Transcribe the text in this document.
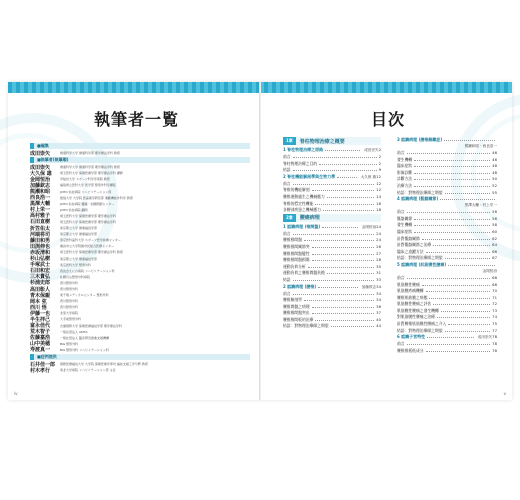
執筆者一覧
■編集
成田崇矢	健康科学大学 健康科学部 理学療法学科 教授
■執筆者(執筆順)
成田崇矢	健康科学大学 健康科学部 理学療法学科 教授
大久保 雄	埼玉医科大学 保健医療学部 理学療法学科 講師
金岡恒治	早稲田大学 スポーツ科学学術院 教授
加藤欽志	福島県立医科大学 医学部 整形外科学講座
熊瀬和昭	JCHO 仙台病院 リハビリテーション部
西良浩一	徳島大学 大学院 医歯薬学研究部 運動機能外科学 教授
黒澤大輔	JCHO 仙台病院 腰痛・仙腸関節センター
村上栄一	JCHO 仙台病院 顧問
高村雅子	埼玉医科大学 保健医療学部 理学療法学科
石田直樹	埼玉医科大学 保健医療学部 理学療法学科
折笠佑太	東京都立大学 健康福祉学部
河端将司	東京都立大学 健康福祉学部
藤田和男	東京医科歯科大学 スポーツ医学診療センター
田渕伸也	横浜市立大学附属市民総合医療センター
赤坂清和	埼玉医科大学 保健医療学部 理学療法学科 教授
杉山弘樹	東京都立大学 健康福祉学部
手塚武士	東京医科大学 整形外科
石田和宏	我汝会えにわ病院 リハビリテーション科
三木貴弘	札幌円山整形外科病院
杉浦史郎	西川整形外科
高田彰人	西川整形外科
青木保親	東千葉メディカルセンター 整形外科
岡本 弦	西川整形外科
西川 悟	西川整形外科
伊藤一也	北里大学病院
半生拝己	大手前整形外科
富永佳代	吉備国際大学 保健医療福祉学部 理学療法学科
荒木智子	一般社団法人 AKITA
佐藤嘉浩	一般社団法人 臨床研究推進支援機構
山中美穂	BiG 整形外科
寿渡真一	BiG 整形外科 リハビリテーション科
■症例提供
石井佳一郎	国際医療福祉大学 大学院 保健医療学専攻 福祉支援工学分野 教授
村木孝行	東北大学病院 リハビリテーション部 主任
iv
目次
1章	脊柱物理治療之概要
1 脊柱物理治療之原路	成田崇矢 2
前言	2
脊柱物理治療之目的	2
結語	9
2 脊柱機能解剖學與生物力學	大久保 雄 12
前言	12
脊椎的機能解剖	12
腰椎運動處生之機械應力	14
脊椎的穩定性機能	16
各腰部疾患之機械應力	18
2章	腰痛病理
1 認識病理 (椎間盤)	金岡恒治 24
前言	24
腰椎椎間盤	24
腰椎椎間關節突	26
腰椎椎間盤變性	27
腰椎椎間盤損傷	28
運動負荷分析	30
運動負荷之腰椎間盤負擔	31
結語	33
2 認識病理 (腰椎)	加藤欽志 34
前言	34
腰椎解剖學	34
腰椎間盤之病理	36
腰椎椎間盤突出	37
腰椎椎間板的治療	40
結語：對物理治療師之期望	44
3 認識病理 (腰椎解離症)
熊瀬和昭・西良浩一
前言	46
發生機轉	46
臨床症狀	48
影像診斷	48
診斷方法	50
治療方法	52
結語：對物理治療師之期望	55
4 認識病理 (骶髂關節)
黒澤大輔・村上栄一
前言	56
骶髂關節	56
發生機轉	58
臨床症狀	60
針對骶髂關節	62
針對骶髂關節之治療	64
臨床之追蹤方法	66
結語：對物理治療師之期望	67
5 認識病理 (肌筋膜性腰痛)
金岡恒治
前言	68
肌筋膜性腰痛	68
肌筋膜疼痛機轉	70
腰椎肌筋膜之病態	71
肌筋膜性腰痛之評估	72
肌筋膜性腰痛之發生機轉	73
對肌筋膜性腰痛之治療	74
針對腰椎肌筋膜性腰痛之介入	75
結語：對物理治療師之期望	77
6 認識子宮特性	成田崇矢 78
前言	78
腰椎椎板低成分	78
v
